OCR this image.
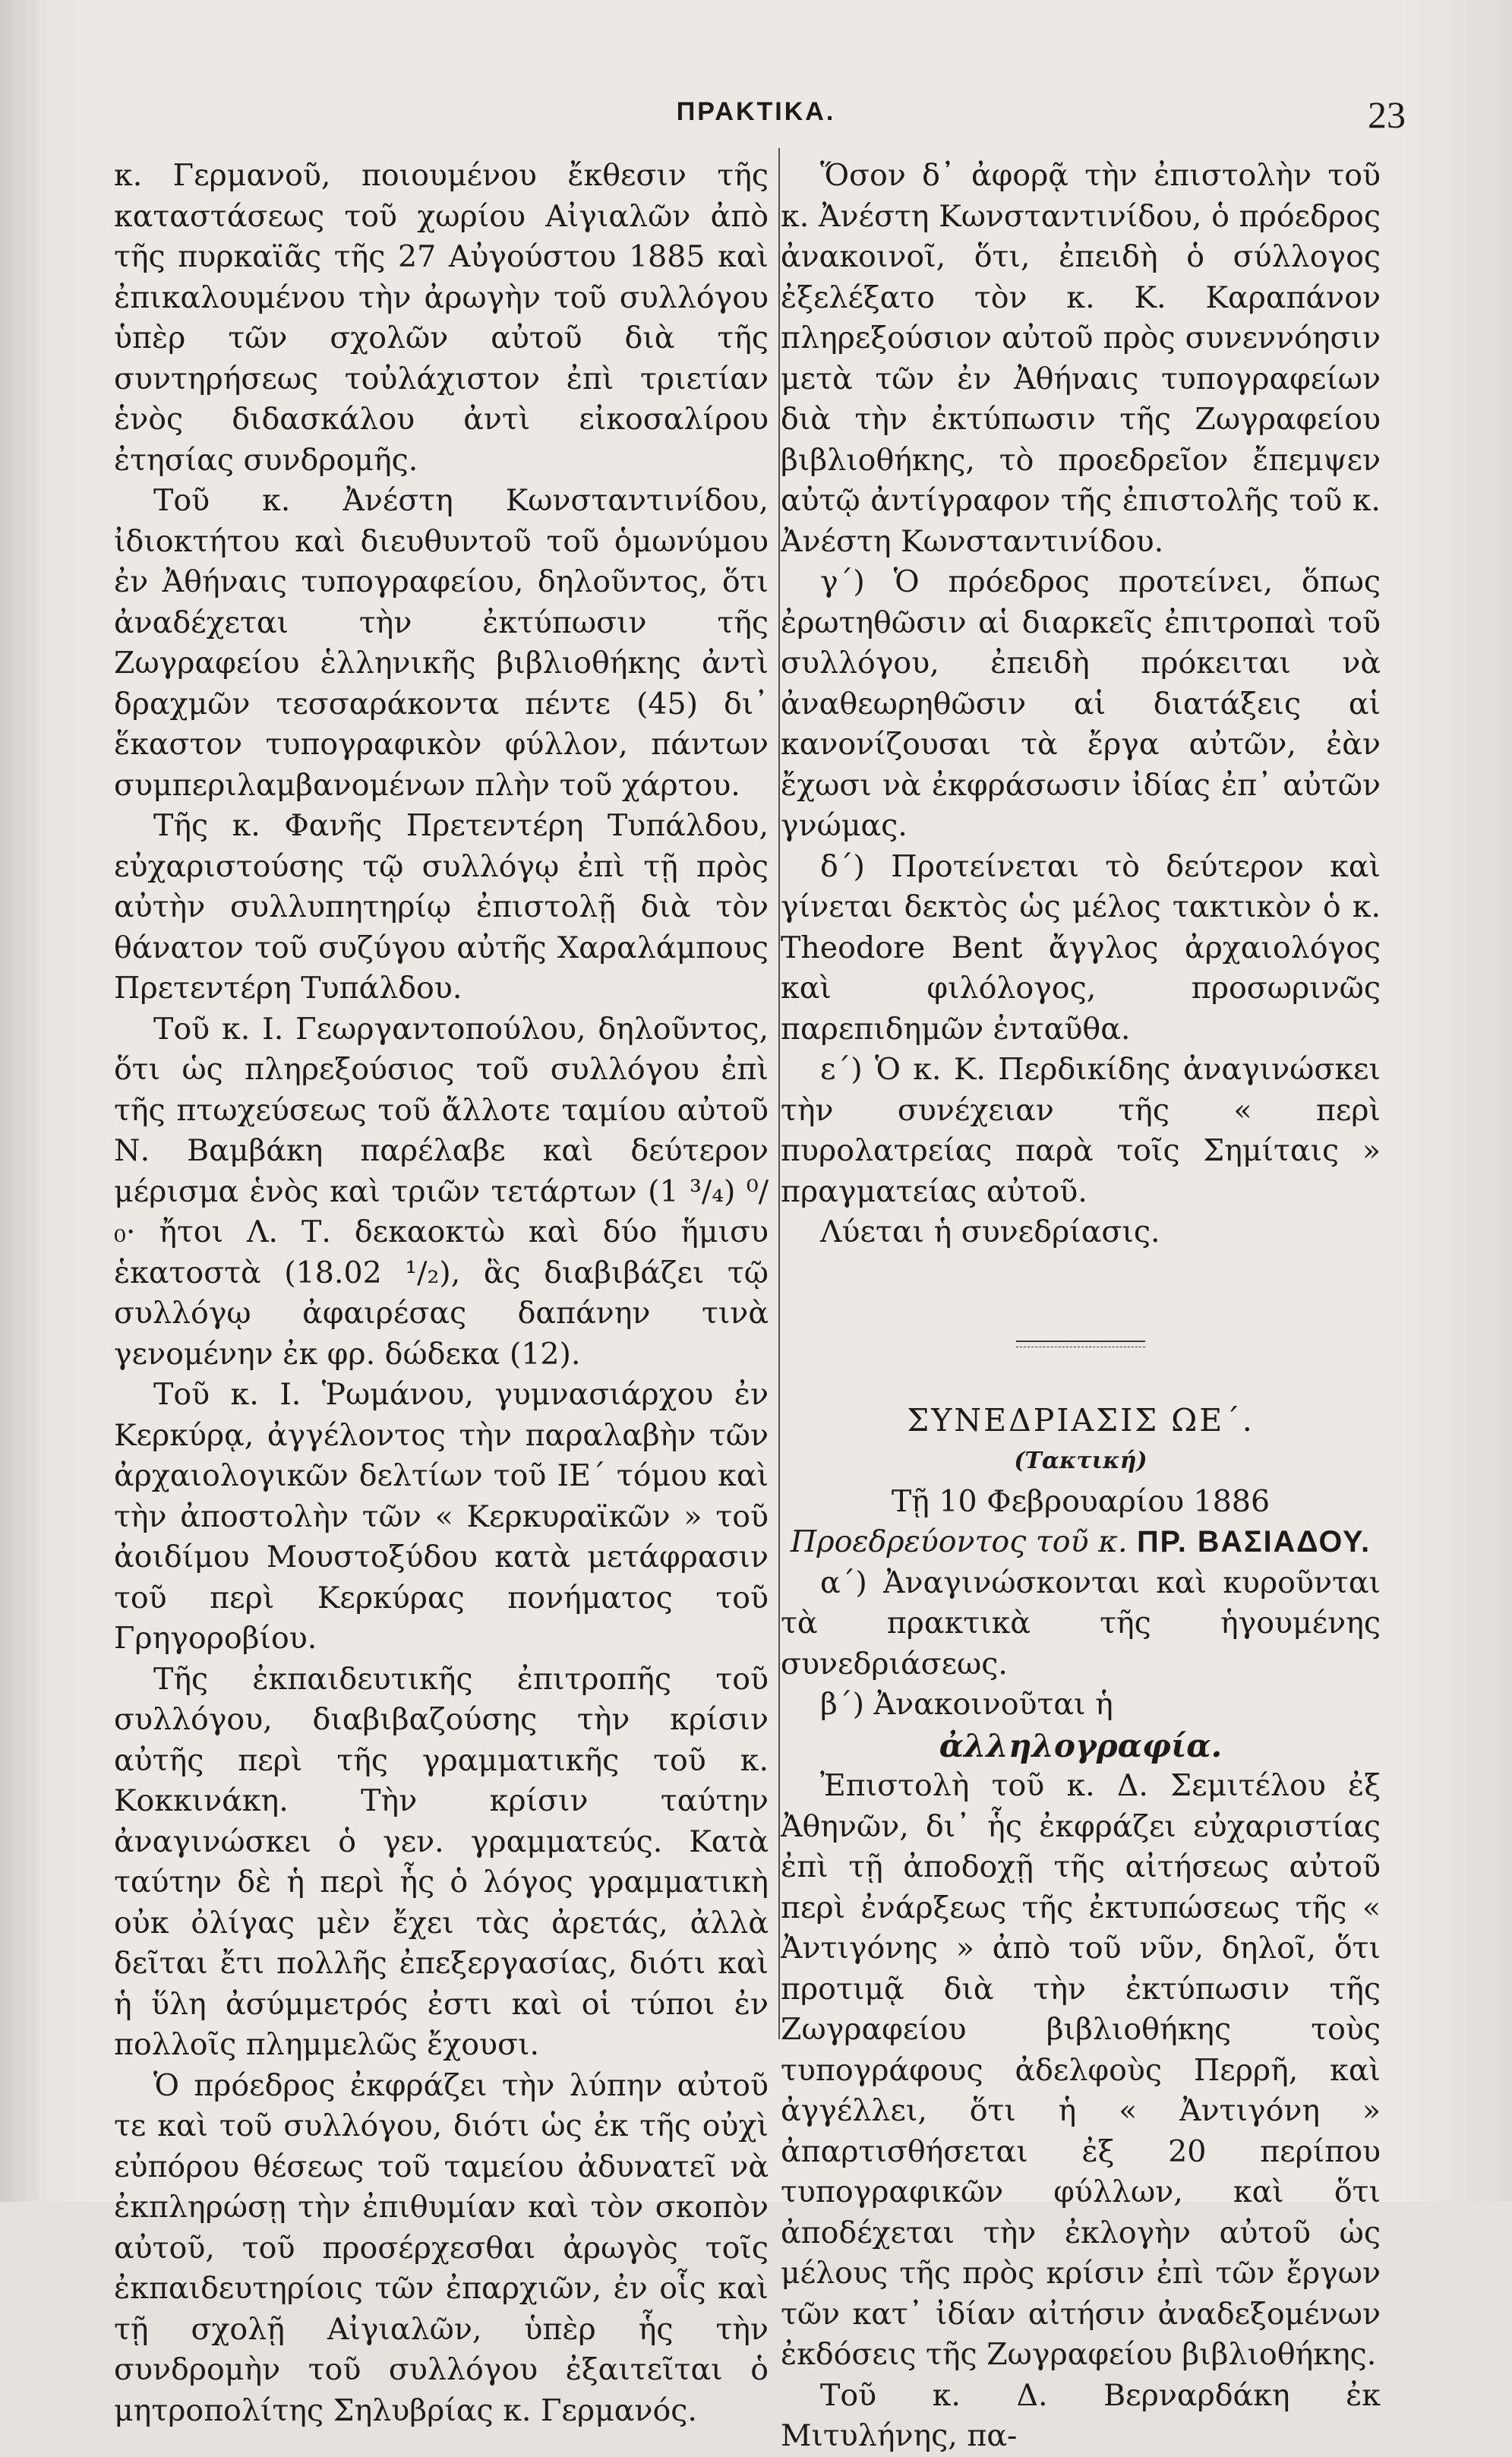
ΠΡΑΚΤΙΚΑ.	23

κ. Γερμανοῦ, ποιουμένου ἔκθεσιν τῆς καταστάσεως τοῦ χωρίου Αἰγιαλῶν ἀπὸ τῆς πυρκαϊᾶς τῆς 27 Αὐγούστου 1885 καὶ ἐπικαλουμένου τὴν ἀρωγὴν τοῦ συλλόγου ὑπὲρ τῶν σχολῶν αὐτοῦ διὰ τῆς συντηρήσεως τοὐλάχιστον ἐπὶ τριετίαν ἑνὸς διδασκάλου ἀντὶ εἰκοσαλίρου ἐτησίας συνδρομῆς.

Τοῦ κ. Ἀνέστη Κωνσταντινίδου, ἰδιοκτήτου καὶ διευθυντοῦ τοῦ ὁμωνύμου ἐν Ἀθήναις τυπογραφείου, δηλοῦντος, ὅτι ἀναδέχεται τὴν ἐκτύπωσιν τῆς Ζωγραφείου ἑλληνικῆς βιβλιοθήκης ἀντὶ δραχμῶν τεσσαράκοντα πέντε (45) δι᾽ ἕκαστον τυπογραφικὸν φύλλον, πάντων συμπεριλαμβανομένων πλὴν τοῦ χάρτου.

Τῆς κ. Φανῆς Πρετεντέρη Τυπάλδου, εὐχαριστούσης τῷ συλλόγῳ ἐπὶ τῇ πρὸς αὐτὴν συλλυπητηρίῳ ἐπιστολῇ διὰ τὸν θάνατον τοῦ συζύγου αὐτῆς Χαραλάμπους Πρετεντέρη Τυπάλδου.

Τοῦ κ. Ι. Γεωργαντοπούλου, δηλοῦντος, ὅτι ὡς πληρεξούσιος τοῦ συλλόγου ἐπὶ τῆς πτωχεύσεως τοῦ ἄλλοτε ταμίου αὐτοῦ Ν. Βαμβάκη παρέλαβε καὶ δεύτερον μέρισμα ἑνὸς καὶ τριῶν τετάρτων (1 ³/₄) ⁰/₀· ἤτοι Λ. Τ. δεκαοκτὼ καὶ δύο ἥμισυ ἑκατοστὰ (18.02 ¹/₂), ἃς διαβιβάζει τῷ συλλόγῳ ἀφαιρέσας δαπάνην τινὰ γενομένην ἐκ φρ. δώδεκα (12).

Τοῦ κ. Ι. Ῥωμάνου, γυμνασιάρχου ἐν Κερκύρᾳ, ἀγγέλοντος τὴν παραλαβὴν τῶν ἀρχαιολογικῶν δελτίων τοῦ ΙΕ΄ τόμου καὶ τὴν ἀποστολὴν τῶν « Κερκυραϊκῶν » τοῦ ἀοιδίμου Μουστοξύδου κατὰ μετάφρασιν τοῦ περὶ Κερκύρας πονήματος τοῦ Γρηγοροβίου.

Τῆς ἐκπαιδευτικῆς ἐπιτροπῆς τοῦ συλλόγου, διαβιβαζούσης τὴν κρίσιν αὐτῆς περὶ τῆς γραμματικῆς τοῦ κ. Κοκκινάκη. Τὴν κρίσιν ταύτην ἀναγινώσκει ὁ γεν. γραμματεύς. Κατὰ ταύτην δὲ ἡ περὶ ἧς ὁ λόγος γραμματικὴ οὐκ ὀλίγας μὲν ἔχει τὰς ἀρετάς, ἀλλὰ δεῖται ἔτι πολλῆς ἐπεξεργασίας, διότι καὶ ἡ ὕλη ἀσύμμετρός ἐστι καὶ οἱ τύποι ἐν πολλοῖς πλημμελῶς ἔχουσι.

Ὁ πρόεδρος ἐκφράζει τὴν λύπην αὐτοῦ τε καὶ τοῦ συλλόγου, διότι ὡς ἐκ τῆς οὐχὶ εὐπόρου θέσεως τοῦ ταμείου ἀδυνατεῖ νὰ ἐκπληρώσῃ τὴν ἐπιθυμίαν καὶ τὸν σκοπὸν αὐτοῦ, τοῦ προσέρχεσθαι ἀρωγὸς τοῖς ἐκπαιδευτηρίοις τῶν ἐπαρχιῶν, ἐν οἷς καὶ τῇ σχολῇ Αἰγιαλῶν, ὑπὲρ ἧς τὴν συνδρομὴν τοῦ συλλόγου ἐξαιτεῖται ὁ μητροπολίτης Σηλυβρίας κ. Γερμανός.

Ὅσον δ᾽ ἀφορᾷ τὴν ἐπιστολὴν τοῦ κ. Ἀνέστη Κωνσταντινίδου, ὁ πρόεδρος ἀνακοινοῖ, ὅτι, ἐπειδὴ ὁ σύλλογος ἐξελέξατο τὸν κ. Κ. Καραπάνον πληρεξούσιον αὐτοῦ πρὸς συνεννόησιν μετὰ τῶν ἐν Ἀθήναις τυπογραφείων διὰ τὴν ἐκτύπωσιν τῆς Ζωγραφείου βιβλιοθήκης, τὸ προεδρεῖον ἔπεμψεν αὐτῷ ἀντίγραφον τῆς ἐπιστολῆς τοῦ κ. Ἀνέστη Κωνσταντινίδου.

γ΄) Ὁ πρόεδρος προτείνει, ὅπως ἐρωτηθῶσιν αἱ διαρκεῖς ἐπιτροπαὶ τοῦ συλλόγου, ἐπειδὴ πρόκειται νὰ ἀναθεωρηθῶσιν αἱ διατάξεις αἱ κανονίζουσαι τὰ ἔργα αὐτῶν, ἐὰν ἔχωσι νὰ ἐκφράσωσιν ἰδίας ἐπ᾽ αὐτῶν γνώμας.

δ΄) Προτείνεται τὸ δεύτερον καὶ γίνεται δεκτὸς ὡς μέλος τακτικὸν ὁ κ. Theodore Bent ἄγγλος ἀρχαιολόγος καὶ φιλόλογος, προσωρινῶς παρεπιδημῶν ἐνταῦθα.

ε΄) Ὁ κ. Κ. Περδικίδης ἀναγινώσκει τὴν συνέχειαν τῆς « περὶ πυρολατρείας παρὰ τοῖς Σημίταις » πραγματείας αὐτοῦ.

Λύεται ἡ συνεδρίασις.

ΣΥΝΕΔΡΙΑΣΙΣ ΩΕ΄.

(Τακτική)

Τῇ 10 Φεβρουαρίου 1886

Προεδρεύοντος τοῦ κ. ΠΡ. ΒΑΣΙΑΔΟΥ.

α΄) Ἀναγινώσκονται καὶ κυροῦνται τὰ πρακτικὰ τῆς ἡγουμένης συνεδριάσεως.

β΄) Ἀνακοινοῦται ἡ

ἀλληλογραφία.

Ἐπιστολὴ τοῦ κ. Δ. Σεμιτέλου ἐξ Ἀθηνῶν, δι᾽ ἧς ἐκφράζει εὐχαριστίας ἐπὶ τῇ ἀποδοχῇ τῆς αἰτήσεως αὐτοῦ περὶ ἐνάρξεως τῆς ἐκτυπώσεως τῆς « Ἀντιγόνης » ἀπὸ τοῦ νῦν, δηλοῖ, ὅτι προτιμᾷ διὰ τὴν ἐκτύπωσιν τῆς Ζωγραφείου βιβλιοθήκης τοὺς τυπογράφους ἀδελφοὺς Περρῆ, καὶ ἀγγέλλει, ὅτι ἡ « Ἀντιγόνη » ἀπαρτισθήσεται ἐξ 20 περίπου τυπογραφικῶν φύλλων, καὶ ὅτι ἀποδέχεται τὴν ἐκλογὴν αὐτοῦ ὡς μέλους τῆς πρὸς κρίσιν ἐπὶ τῶν ἔργων τῶν κατ᾽ ἰδίαν αἰτήσιν ἀναδεξομένων ἐκδόσεις τῆς Ζωγραφείου βιβλιοθήκης.

Τοῦ κ. Δ. Βερναρδάκη ἐκ Μιτυλήνης, πα-
